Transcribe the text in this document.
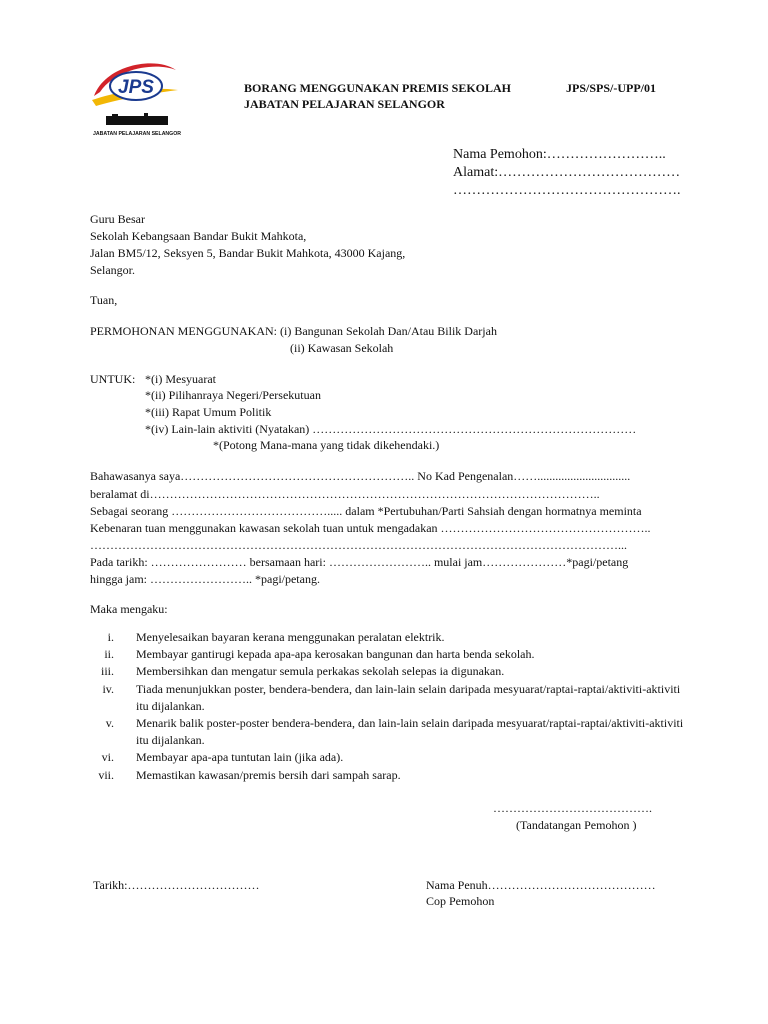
JPS
JABATAN PELAJARAN SELANGOR
BORANG MENGGUNAKAN PREMIS SEKOLAH
JABATAN PELAJARAN SELANGOR
JPS/SPS/-UPP/01
Nama Pemohon:……………………..
Alamat:…………………………………
………………………………………….
Guru Besar
Sekolah Kebangsaan Bandar Bukit Mahkota,
Jalan BM5/12, Seksyen 5, Bandar Bukit Mahkota, 43000 Kajang,
Selangor.
Tuan,
PERMOHONAN MENGGUNAKAN: (i) Bangunan Sekolah Dan/Atau Bilik Darjah
(ii) Kawasan Sekolah
UNTUK: *(i) Mesyuarat
*(ii) Pilihanraya Negeri/Persekutuan
*(iii) Rapat Umum Politik
*(iv) Lain-lain aktiviti (Nyatakan) ………………………………………………………………………
*(Potong Mana-mana yang tidak dikehendaki.)
Bahawasanya saya………………………………………………….. No Kad Pengenalan……...............................
beralamat di…………………………………………………………………………………………………..
Sebagai seorang …………………………………..... dalam *Pertubuhan/Parti Sahsiah dengan hormatnya meminta
Kebenaran tuan menggunakan kawasan sekolah tuan untuk mengadakan ……………………………………………..
……………………………………………………………………………………………………………………...
Pada tarikh: …………………… bersamaan hari: …………………….. mulai jam…………………*pagi/petang
hingga jam: …………………….. *pagi/petang.
Maka mengaku:
i. Menyelesaikan bayaran kerana menggunakan peralatan elektrik.
ii. Membayar gantirugi kepada apa-apa kerosakan bangunan dan harta benda sekolah.
iii. Membersihkan dan mengatur semula perkakas sekolah selepas ia digunakan.
iv. Tiada menunjukkan poster, bendera-bendera, dan lain-lain selain daripada mesyuarat/raptai-raptai/aktiviti-aktiviti itu dijalankan.
v. Menarik balik poster-poster bendera-bendera, dan lain-lain selain daripada mesyuarat/raptai-raptai/aktiviti-aktiviti itu dijalankan.
vi. Membayar apa-apa tuntutan lain (jika ada).
vii. Memastikan kawasan/premis bersih dari sampah sarap.
………………………………….
(Tandatangan Pemohon )
Tarikh:……………………………	Nama Penuh……………………………………
Cop Pemohon
